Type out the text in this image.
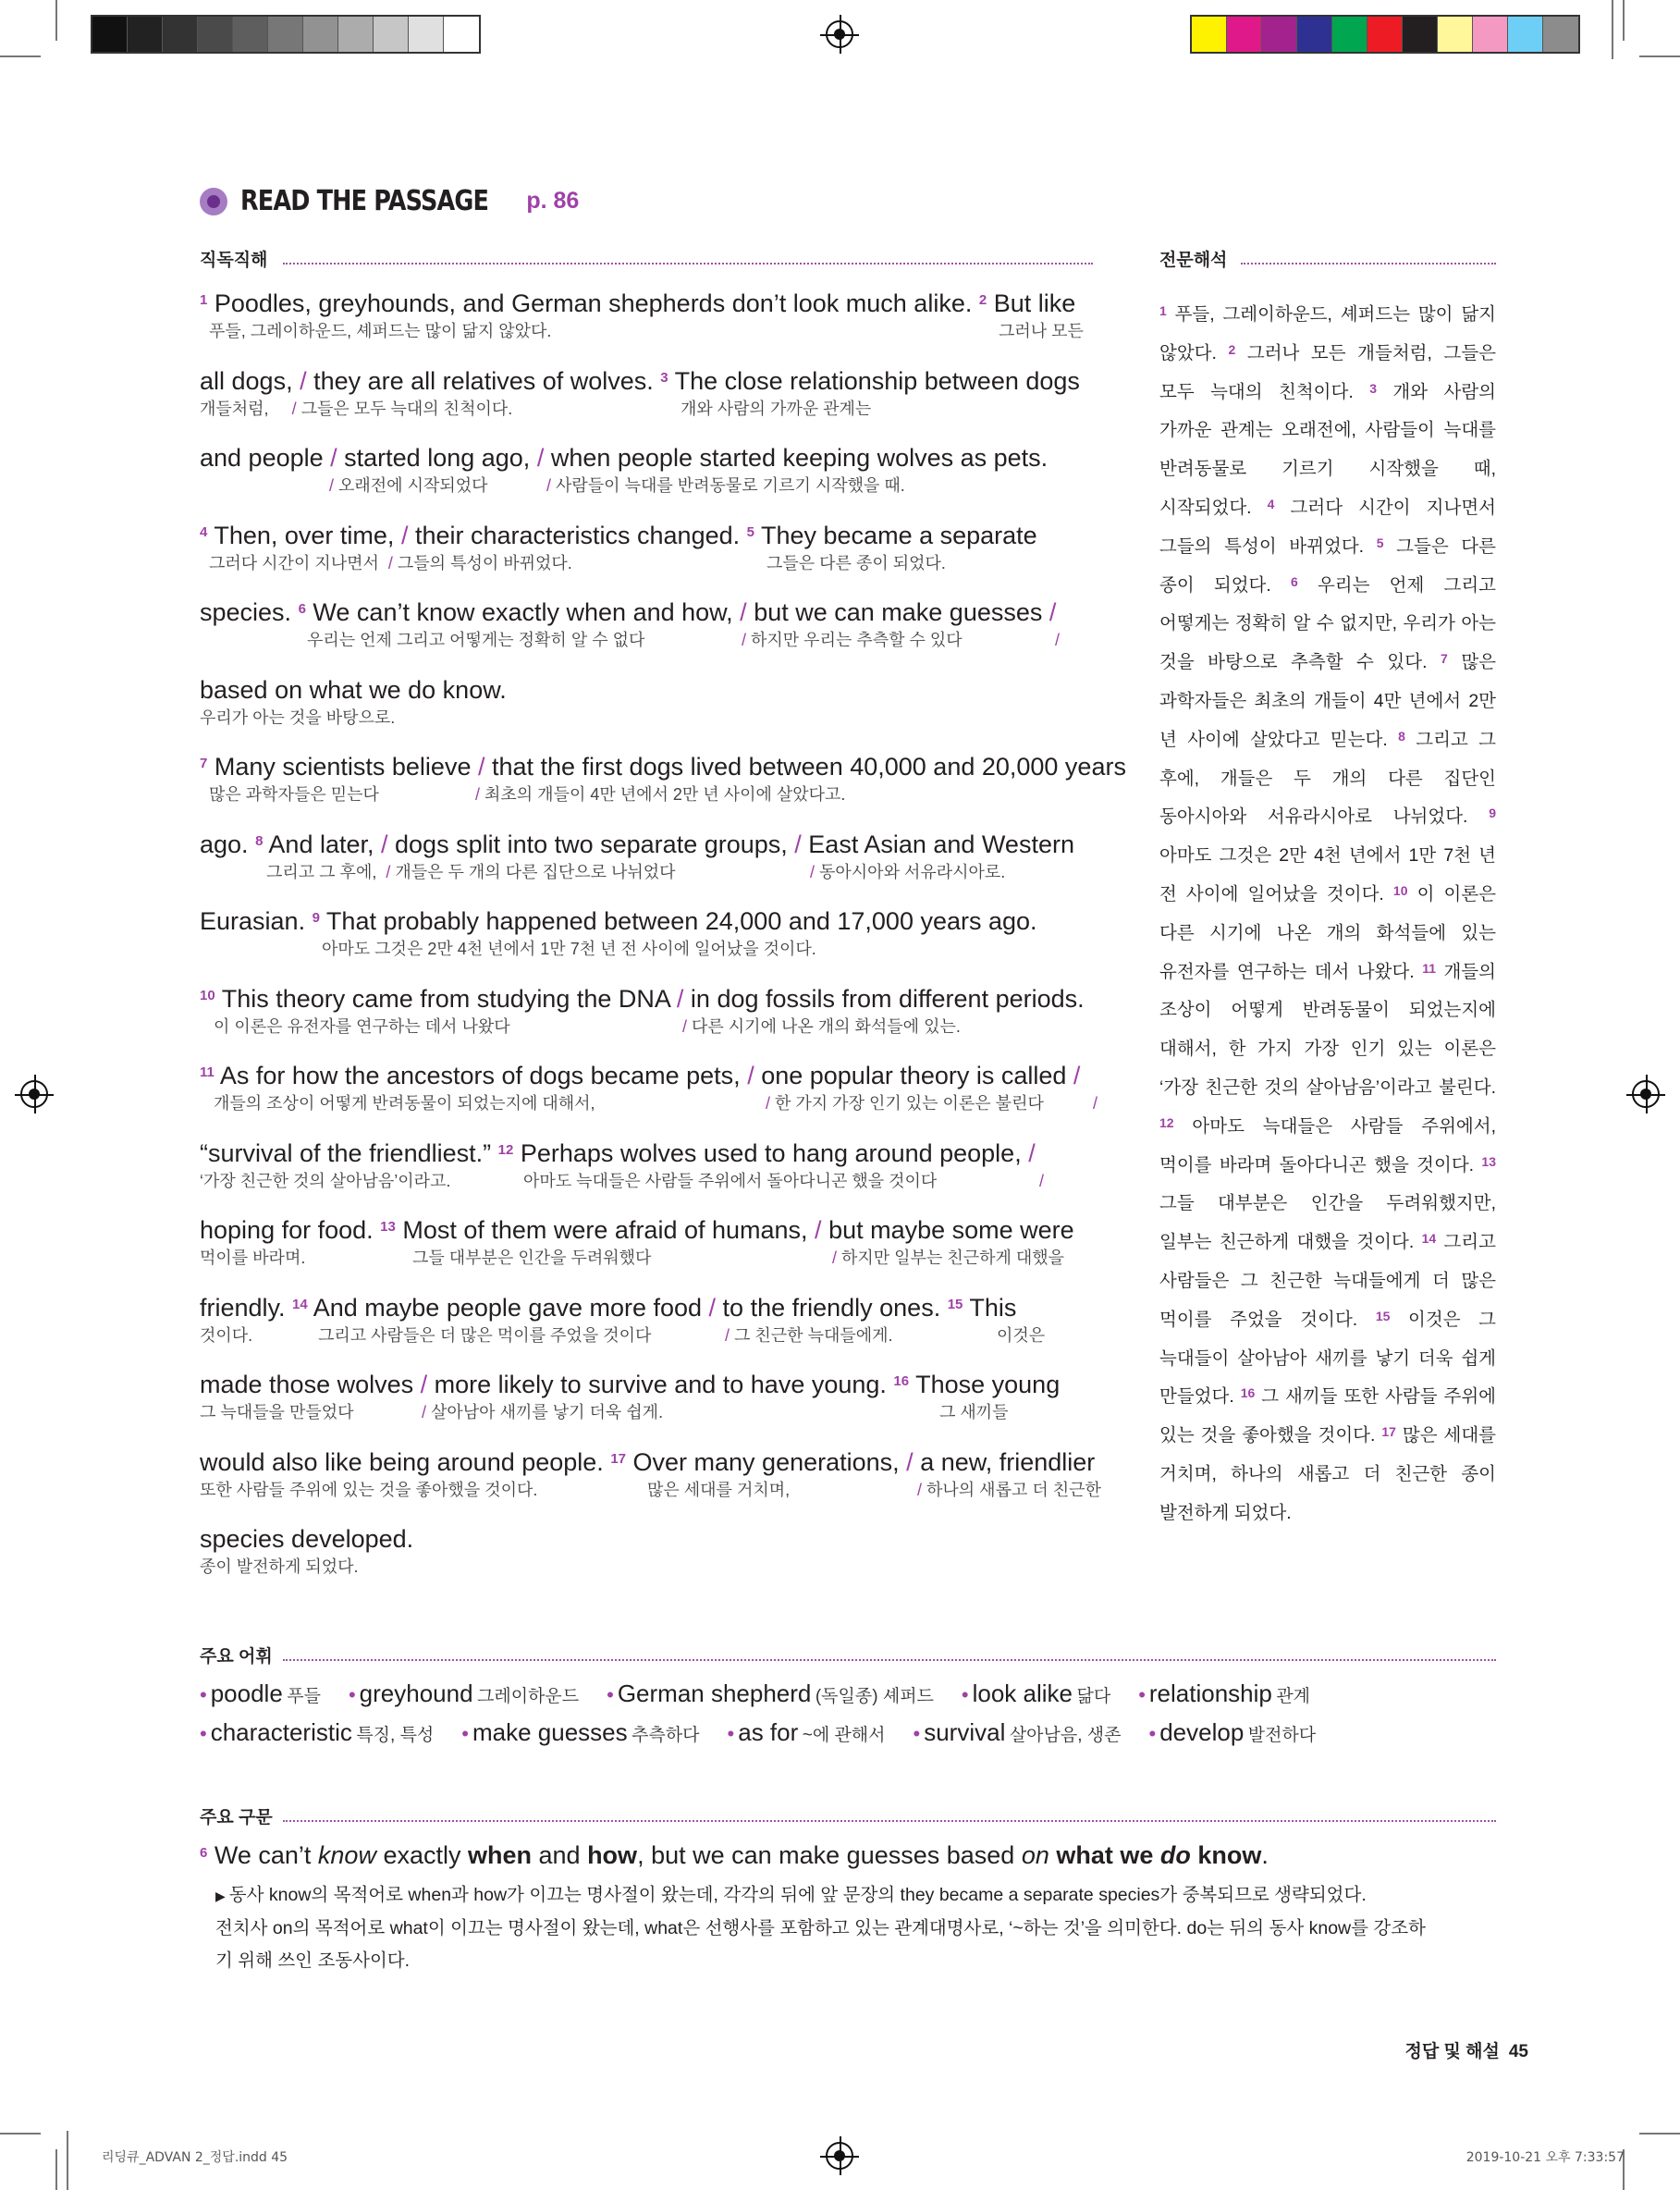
READ THE PASSAGE p. 86
직독직해	전문해석
$^1$ Poodles, greyhounds, and German shepherds don’t look much alike. $^2$ But like
푸들, 그레이하운드, 셰퍼드는 많이 닮지 않았다.	그러나 모든
all dogs, / they are all relatives of wolves. $^3$ The close relationship between dogs
개들처럼,     / 그들은 모두 늑대의 친척이다.	개와 사람의 가까운 관계는
and people / started long ago, / when people started keeping wolves as pets.
/ 오래전에 시작되었다	/ 사람들이 늑대를 반려동물로 기르기 시작했을 때.
$^4$ Then, over time, / their characteristics changed. $^5$ They became a separate
그러다 시간이 지나면서  / 그들의 특성이 바뀌었다.	그들은 다른 종이 되었다.
species. $^6$ We can’t know exactly when and how, / but we can make guesses /
우리는 언제 그리고 어떻게는 정확히 알 수 없다	/ 하지만 우리는 추측할 수 있다	/
based on what we do know.
우리가 아는 것을 바탕으로.
$^7$ Many scientists believe / that the first dogs lived between 40,000 and 20,000 years
많은 과학자들은 믿는다	/ 최초의 개들이 4만 년에서 2만 년 사이에 살았다고.
ago. $^8$ And later, / dogs split into two separate groups, / East Asian and Western
그리고 그 후에,  / 개들은 두 개의 다른 집단으로 나뉘었다	/ 동아시아와 서유라시아로.
Eurasian. $^9$ That probably happened between 24,000 and 17,000 years ago.
아마도 그것은 2만 4천 년에서 1만 7천 년 전 사이에 일어났을 것이다.
$^{10}$ This theory came from studying the DNA / in dog fossils from different periods.
이 이론은 유전자를 연구하는 데서 나왔다	/ 다른 시기에 나온 개의 화석들에 있는.
$^{11}$ As for how the ancestors of dogs became pets, / one popular theory is called /
개들의 조상이 어떻게 반려동물이 되었는지에 대해서,	/ 한 가지 가장 인기 있는 이론은 불린다	/
“survival of the friendliest.” $^{12}$ Perhaps wolves used to hang around people, /
‘가장 친근한 것의 살아남음’이라고.	아마도 늑대들은 사람들 주위에서 돌아다니곤 했을 것이다	/
hoping for food. $^{13}$ Most of them were afraid of humans, / but maybe some were
먹이를 바라며.	그들 대부분은 인간을 두려워했다	/ 하지만 일부는 친근하게 대했을
friendly. $^{14}$ And maybe people gave more food / to the friendly ones. $^{15}$ This
것이다.	그리고 사람들은 더 많은 먹이를 주었을 것이다	/ 그 친근한 늑대들에게.	이것은
made those wolves / more likely to survive and to have young. $^{16}$ Those young
그 늑대들을 만들었다	/ 살아남아 새끼를 낳기 더욱 쉽게.	그 새끼들
would also like being around people. $^{17}$ Over many generations, / a new, friendlier
또한 사람들 주위에 있는 것을 좋아했을 것이다.	많은 세대를 거치며,	/ 하나의 새롭고 더 친근한
species developed.
종이 발전하게 되었다.
$^1$ 푸들, 그레이하운드, 셰퍼드는 많이 닮지 않았다. $^2$ 그러나 모든 개들처럼, 그들은 모두 늑대의 친척이다. $^3$ 개와 사람의 가까운 관계는 오래전에, 사람들이 늑대를 반려동물로 기르기 시작했을 때, 시작되었다. $^4$ 그러다 시간이 지나면서 그들의 특성이 바뀌었다. $^5$ 그들은 다른 종이 되었다. $^6$ 우리는 언제 그리고 어떻게는 정확히 알 수 없지만, 우리가 아는 것을 바탕으로 추측할 수 있다. $^7$ 많은 과학자들은 최초의 개들이 4만 년에서 2만 년 사이에 살았다고 믿는다. $^8$ 그리고 그 후에, 개들은 두 개의 다른 집단인 동아시아와 서유라시아로 나뉘었다. $^9$ 아마도 그것은 2만 4천 년에서 1만 7천 년 전 사이에 일어났을 것이다. $^{10}$ 이 이론은 다른 시기에 나온 개의 화석들에 있는 유전자를 연구하는 데서 나왔다. $^{11}$ 개들의 조상이 어떻게 반려동물이 되었는지에 대해서, 한 가지 가장 인기 있는 이론은 ‘가장 친근한 것의 살아남음’이라고 불린다. $^{12}$ 아마도 늑대들은 사람들 주위에서, 먹이를 바라며 돌아다니곤 했을 것이다. $^{13}$ 그들 대부분은 인간을 두려워했지만, 일부는 친근하게 대했을 것이다. $^{14}$ 그리고 사람들은 그 친근한 늑대들에게 더 많은 먹이를 주었을 것이다. $^{15}$ 이것은 그 늑대들이 살아남아 새끼를 낳기 더욱 쉽게 만들었다. $^{16}$ 그 새끼들 또한 사람들 주위에 있는 것을 좋아했을 것이다. $^{17}$ 많은 세대를 거치며, 하나의 새롭고 더 친근한 종이 발전하게 되었다.
주요 어휘
• poodle 푸들 • greyhound 그레이하운드 • German shepherd (독일종) 셰퍼드 • look alike 닮다 • relationship 관계
• characteristic 특징, 특성 • make guesses 추측하다 • as for ~에 관해서 • survival 살아남음, 생존 • develop 발전하다
주요 구문
$^6$ We can’t know exactly when and how, but we can make guesses based on what we do know.
▶ 동사 know의 목적어로 when과 how가 이끄는 명사절이 왔는데, 각각의 뒤에 앞 문장의 they became a separate species가 중복되므로 생략되었다.
전치사 on의 목적어로 what이 이끄는 명사절이 왔는데, what은 선행사를 포함하고 있는 관계대명사로, ‘~하는 것’을 의미한다. do는 뒤의 동사 know를 강조하
기 위해 쓰인 조동사이다.
정답 및 해설 45
리딩큐_ADVAN 2_정답.indd 45	2019-10-21 오후 7:33:57
